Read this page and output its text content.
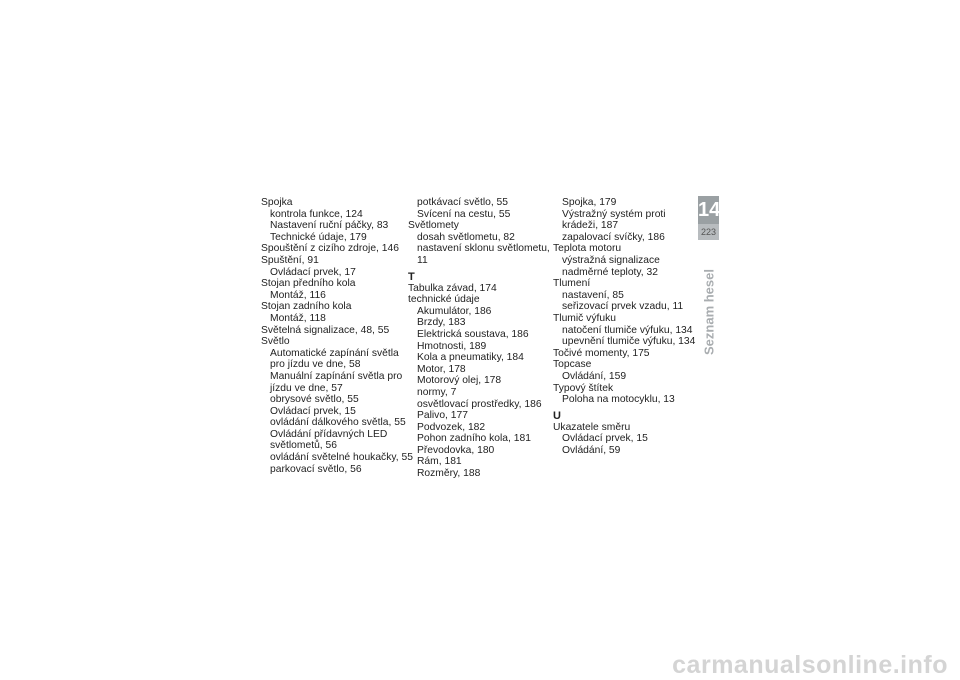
Spojka
kontrola funkce, 124
Nastavení ruční páčky, 83
Technické údaje, 179
Spouštění z cizího zdroje, 146
Spuštění, 91
Ovládací prvek, 17
Stojan předního kola
Montáž, 116
Stojan zadního kola
Montáž, 118
Světelná signalizace, 48, 55
Světlo
Automatické zapínání světla pro jízdu ve dne, 58
Manuální zapínání světla pro jízdu ve dne, 57
obrysové světlo, 55
Ovládací prvek, 15
ovládání dálkového světla, 55
Ovládání přídavných LED světlometů, 56
ovládání světelné houkačky, 55
parkovací světlo, 56
potkávací světlo, 55
Svícení na cestu, 55
Světlomety
dosah světlometu, 82
nastavení sklonu světlometu, 11
T
Tabulka závad, 174
technické údaje
Akumulátor, 186
Brzdy, 183
Elektrická soustava, 186
Hmotnosti, 189
Kola a pneumatiky, 184
Motor, 178
Motorový olej, 178
normy, 7
osvětlovací prostředky, 186
Palivo, 177
Podvozek, 182
Pohon zadního kola, 181
Převodovka, 180
Rám, 181
Rozměry, 188
Spojka, 179
Výstražný systém proti krádeži, 187
zapalovací svíčky, 186
Teplota motoru
výstražná signalizace nadměrné teploty, 32
Tlumení
nastavení, 85
seřizovací prvek vzadu, 11
Tlumič výfuku
natočení tlumiče výfuku, 134
upevnění tlumiče výfuku, 134
Točivé momenty, 175
Topcase
Ovládání, 159
Typový štítek
Poloha na motocyklu, 13
U
Ukazatele směru
Ovládací prvek, 15
Ovládání, 59
14
223
Seznam hesel
carmanualsonline.info
